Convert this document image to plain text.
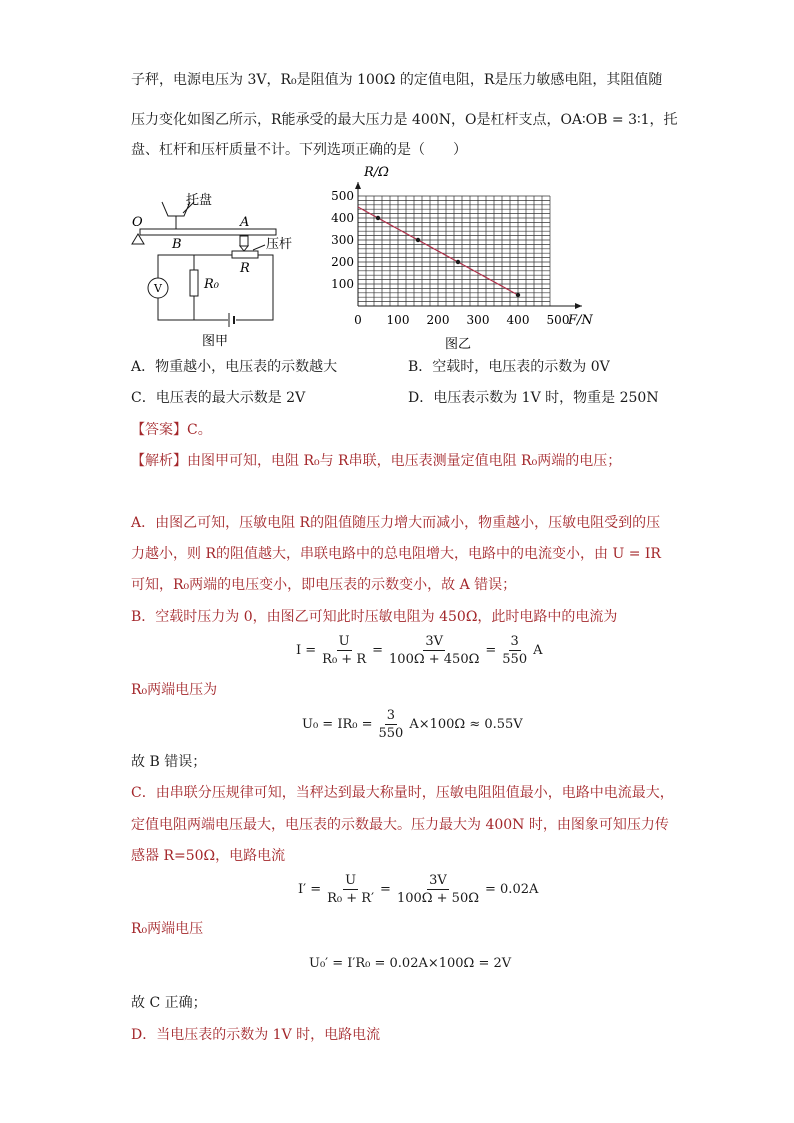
子秤，电源电压为 3V，R₀是阻值为 100Ω 的定值电阻，R是压力敏感电阻，其阻值随
压力变化如图乙所示，R能承受的最大压力是 400N，O是杠杆支点，OA∶OB = 3∶1，托
盘、杠杆和压杆质量不计。下列选项正确的是（　　）
V
托盘
O	A
B	压杆
R
R₀
图甲
0 100 200 300 400 500
100
200
300
400
500
R/Ω
F/N
图乙
A．物重越小，电压表的示数越大	B．空载时，电压表的示数为 0V
C．电压表的最大示数是 2V	D．电压表示数为 1V 时，物重是 250N
【答案】C。
【解析】由图甲可知，电阻 R₀与 R串联，电压表测量定值电阻 R₀两端的电压；
A．由图乙可知，压敏电阻 R的阻值随压力增大而减小，物重越小，压敏电阻受到的压
力越小，则 R的阻值越大，串联电路中的总电阻增大，电路中的电流变小，由 U = IR
可知，R₀两端的电压变小，即电压表的示数变小，故 A 错误；
B．空载时压力为 0，由图乙可知此时压敏电阻为 450Ω，此时电路中的电流为
$I = \frac{U}{\text{R₀ + R}} = \frac{3V}{100\Omega + 450\Omega} = \frac{3}{550}$ A
R₀两端电压为
$U_0 = IR_0 = \frac{3}{550} A\times 100\Omega \approx 0.55V$
故 B 错误；
C．由串联分压规律可知，当秤达到最大称量时，压敏电阻阻值最小，电路中电流最大，
定值电阻两端电压最大，电压表的示数最大。压力最大为 400N 时，由图象可知压力传
感器 R=50Ω，电路电流
$I' = \frac{U}{\text{R₀ + R′}} = \frac{3V}{100\Omega + 50\Omega} = 0.02A$
R₀两端电压
U₀′ = I′R₀ = 0.02A×100Ω = 2V
故 C 正确；
D．当电压表的示数为 1V 时，电路电流
